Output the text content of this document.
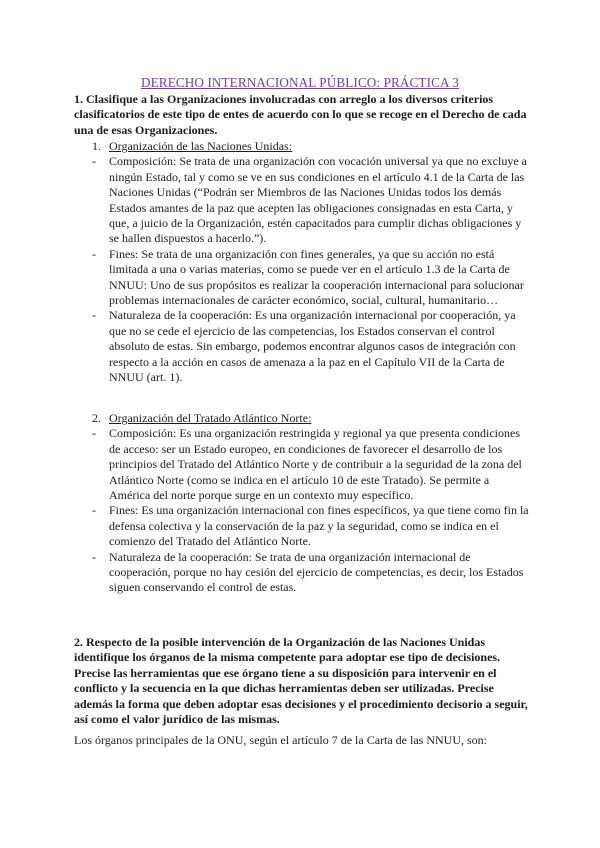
DERECHO INTERNACIONAL PÚBLICO: PRÁCTICA 3
1. Clasifique a las Organizaciones involucradas con arreglo a los diversos criterios clasificatorios de este tipo de entes de acuerdo con lo que se recoge en el Derecho de cada una de esas Organizaciones.
1. Organización de las Naciones Unidas:
- Composición: Se trata de una organización con vocación universal ya que no excluye a ningún Estado, tal y como se ve en sus condiciones en el artículo 4.1 de la Carta de las Naciones Unidas (“Podrán ser Miembros de las Naciones Unidas todos los demás Estados amantes de la paz que acepten las obligaciones consignadas en esta Carta, y que, a juicio de la Organización, estén capacitados para cumplir dichas obligaciones y se hallen dispuestos a hacerlo.”).
- Fines: Se trata de una organización con fines generales, ya que su acción no está limitada a una o varias materias, como se puede ver en el artículo 1.3 de la Carta de NNUU: Uno de sus propósitos es realizar la cooperación internacional para solucionar problemas internacionales de carácter económico, social, cultural, humanitario…
- Naturaleza de la cooperación: Es una organización internacional por cooperación, ya que no se cede el ejercicio de las competencias, los Estados conservan el control absoluto de estas. Sin embargo, podemos encontrar algunos casos de integración con respecto a la acción en casos de amenaza a la paz en el Capítulo VII de la Carta de NNUU (art. 1).
2. Organización del Tratado Atlántico Norte:
- Composición: Es una organización restringida y regional ya que presenta condiciones de acceso: ser un Estado europeo, en condiciones de favorecer el desarrollo de los principios del Tratado del Atlántico Norte y de contribuir a la seguridad de la zona del Atlántico Norte (como se indica en el artículo 10 de este Tratado). Se permite a América del norte porque surge en un contexto muy específico.
- Fines: Es una organización internacional con fines específicos, ya que tiene como fin la defensa colectiva y la conservación de la paz y la seguridad, como se indica en el comienzo del Tratado del Atlántico Norte.
- Naturaleza de la cooperación: Se trata de una organización internacional de cooperación, porque no hay cesión del ejercicio de competencias, es decir, los Estados siguen conservando el control de estas.
2. Respecto de la posible intervención de la Organización de las Naciones Unidas identifique los órganos de la misma competente para adoptar ese tipo de decisiones. Precise las herramientas que ese órgano tiene a su disposición para intervenir en el conflicto y la secuencia en la que dichas herramientas deben ser utilizadas. Precise además la forma que deben adoptar esas decisiones y el procedimiento decisorio a seguir, así como el valor jurídico de las mismas.
Los órganos principales de la ONU, según el artículo 7 de la Carta de las NNUU, son:
